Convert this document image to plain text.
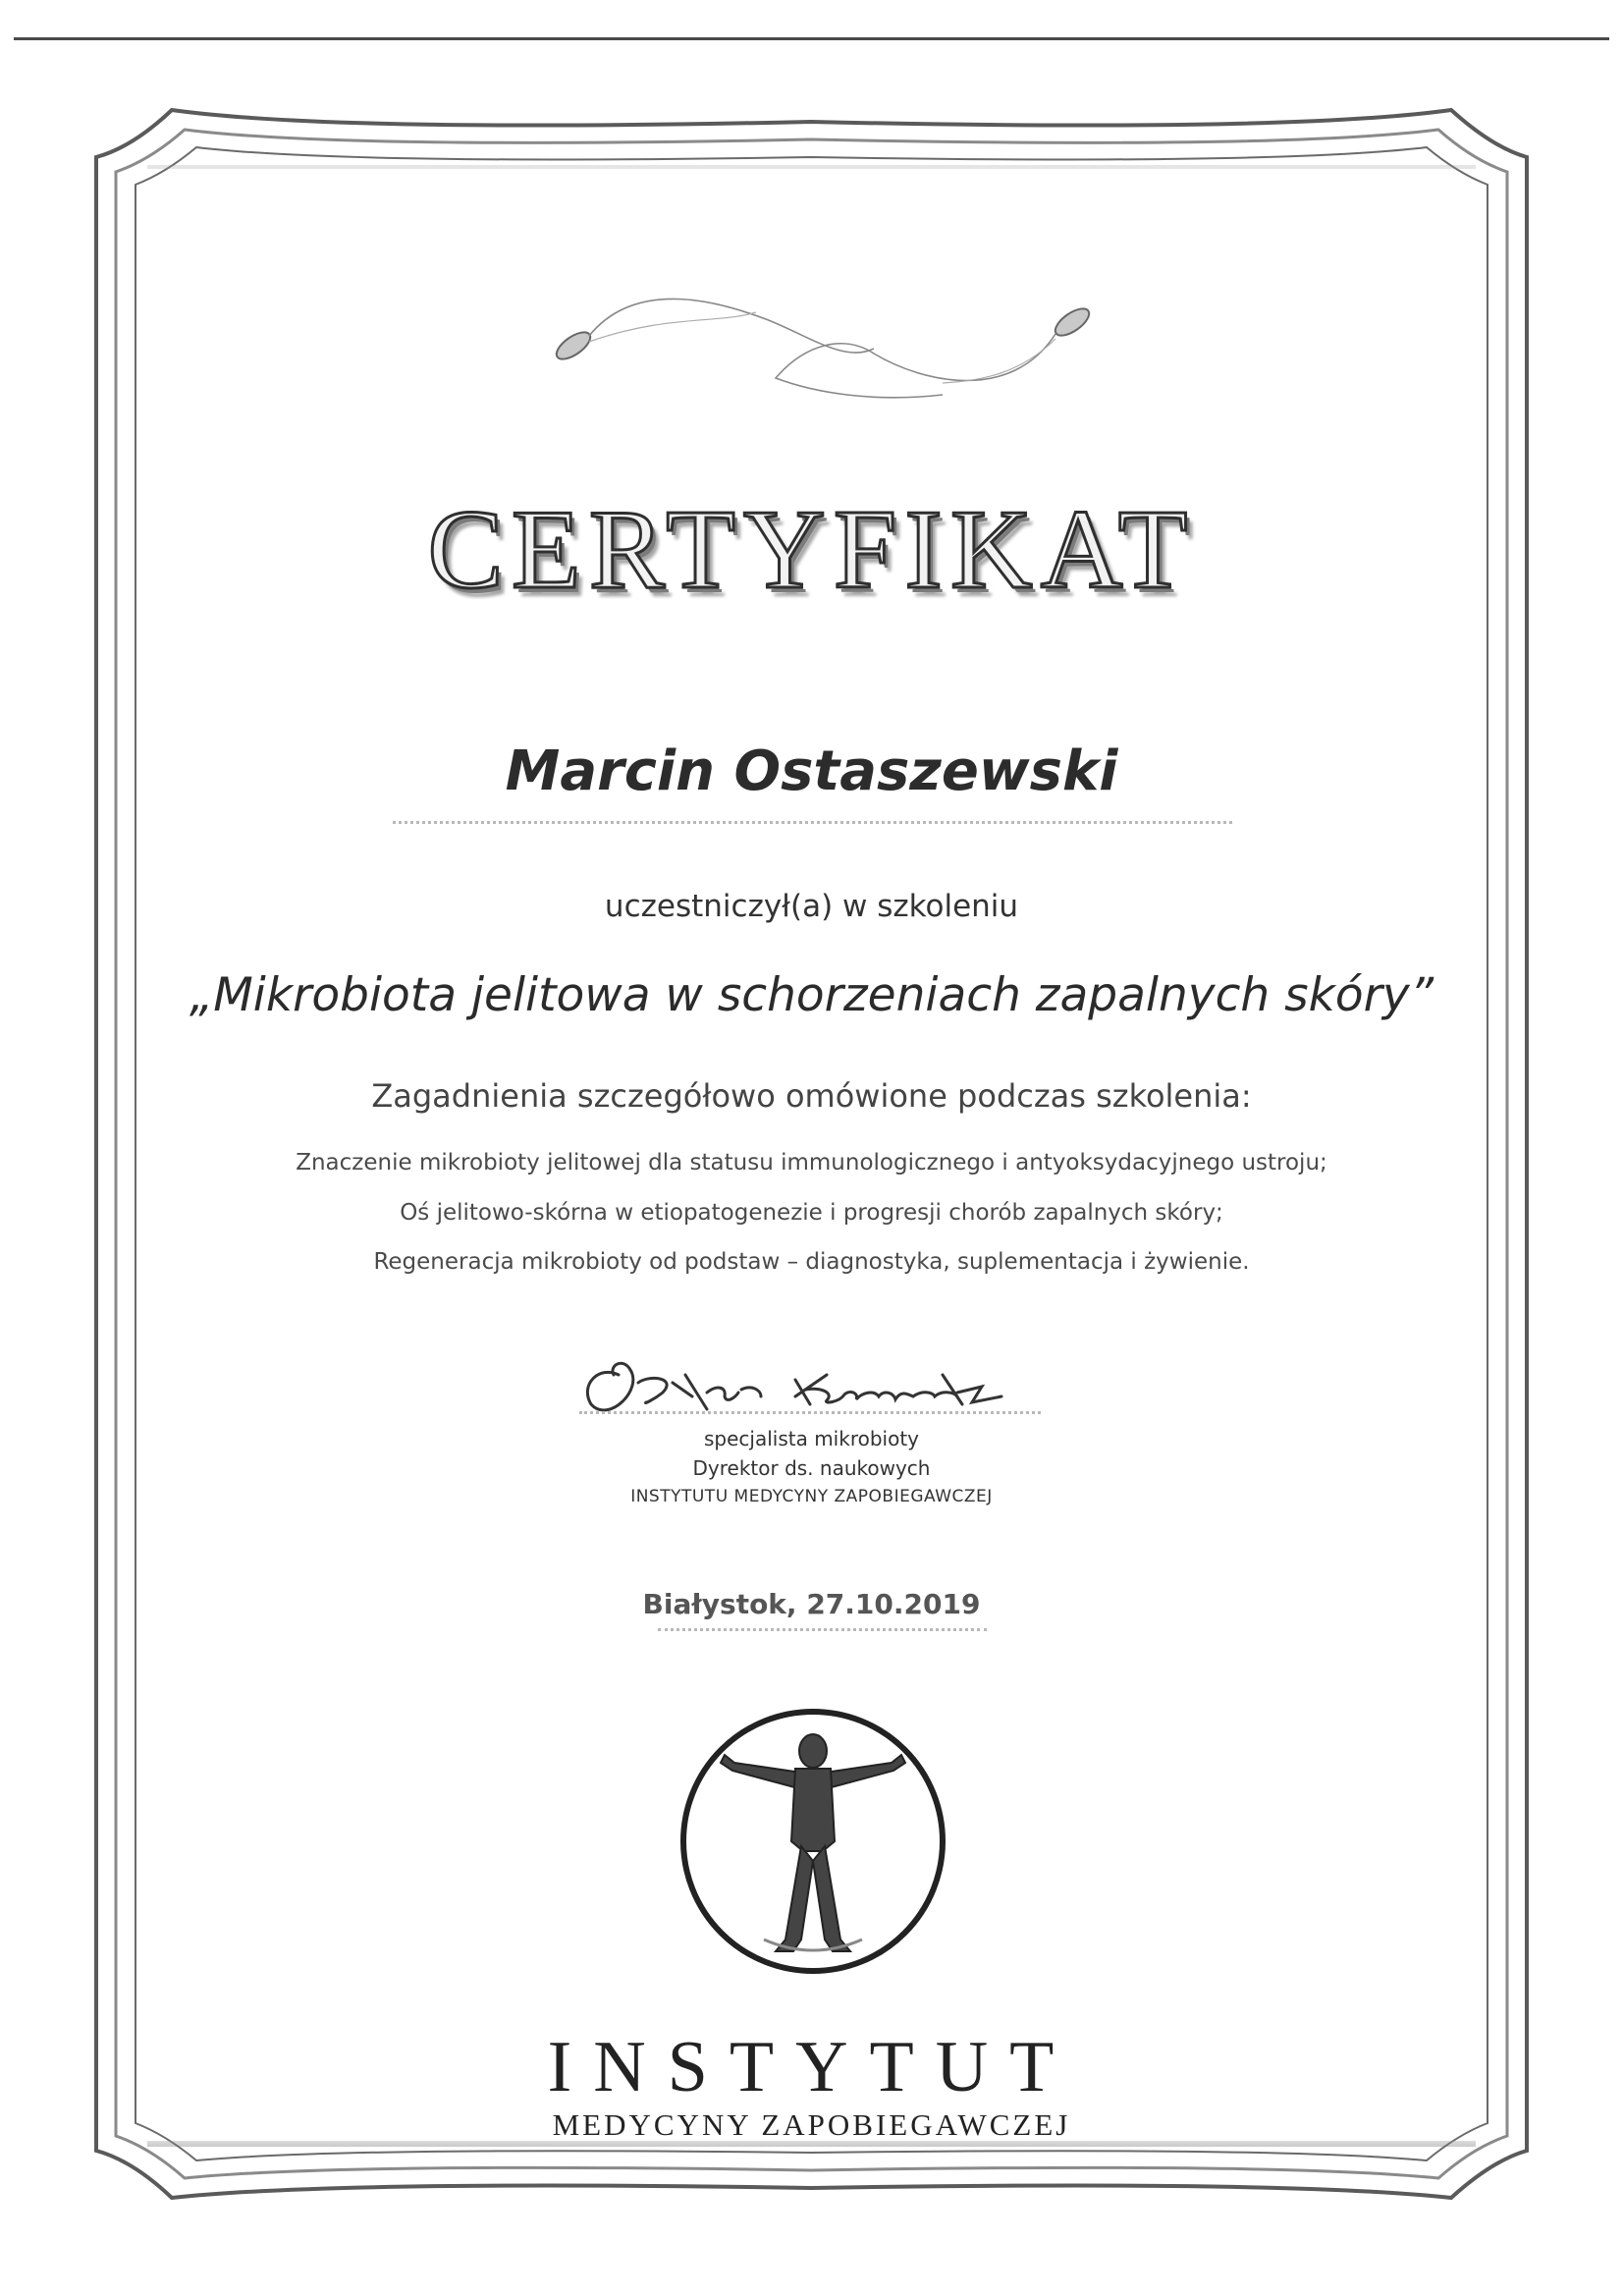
CERTYFIKAT
Marcin Ostaszewski
uczestniczył(a) w szkoleniu
„Mikrobiota jelitowa w schorzeniach zapalnych skóry”
Zagadnienia szczegółowo omówione podczas szkolenia:
Znaczenie mikrobioty jelitowej dla statusu immunologicznego i antyoksydacyjnego ustroju;
Oś jelitowo-skórna w etiopatogenezie i progresji chorób zapalnych skóry;
Regeneracja mikrobioty od podstaw – diagnostyka, suplementacja i żywienie.
specjalista mikrobioty
Dyrektor ds. naukowych
INSTYTUTU MEDYCYNY ZAPOBIEGAWCZEJ
Białystok, 27.10.2019
INSTYTUT
MEDYCYNY ZAPOBIEGAWCZEJ
